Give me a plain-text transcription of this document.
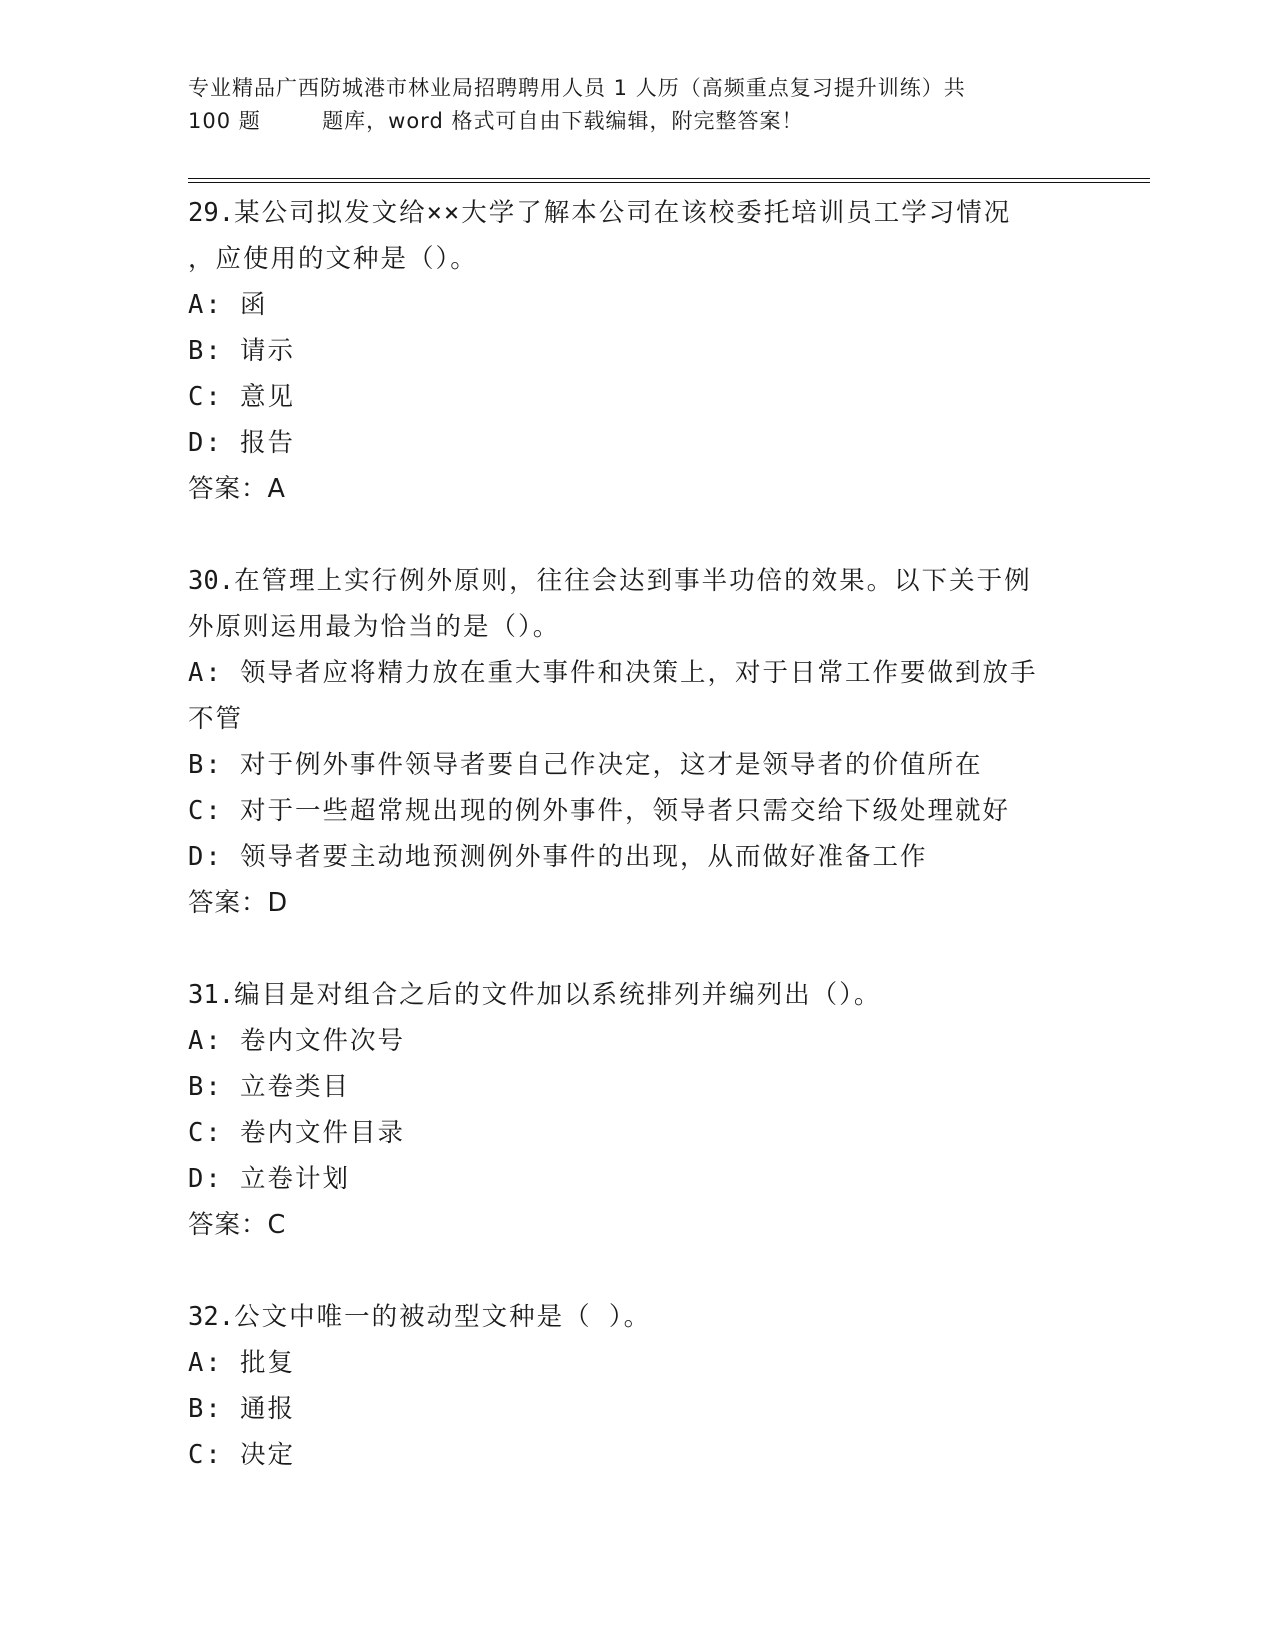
专业精品广西防城港市林业局招聘聘用人员 1 人历（高频重点复习提升训练）共
100 题        题库，word 格式可自由下载编辑，附完整答案！
29.某公司拟发文给××大学了解本公司在该校委托培训员工学习情况
，应使用的文种是（）。
A: 函
B: 请示
C: 意见
D: 报告
答案：A
30.在管理上实行例外原则，往往会达到事半功倍的效果。以下关于例
外原则运用最为恰当的是（）。
A: 领导者应将精力放在重大事件和决策上，对于日常工作要做到放手
不管
B: 对于例外事件领导者要自己作决定，这才是领导者的价值所在
C: 对于一些超常规出现的例外事件，领导者只需交给下级处理就好
D: 领导者要主动地预测例外事件的出现，从而做好准备工作
答案：D
31.编目是对组合之后的文件加以系统排列并编列出（）。
A: 卷内文件次号
B: 立卷类目
C: 卷内文件目录
D: 立卷计划
答案：C
32.公文中唯一的被动型文种是（ ）。
A: 批复
B: 通报
C: 决定
